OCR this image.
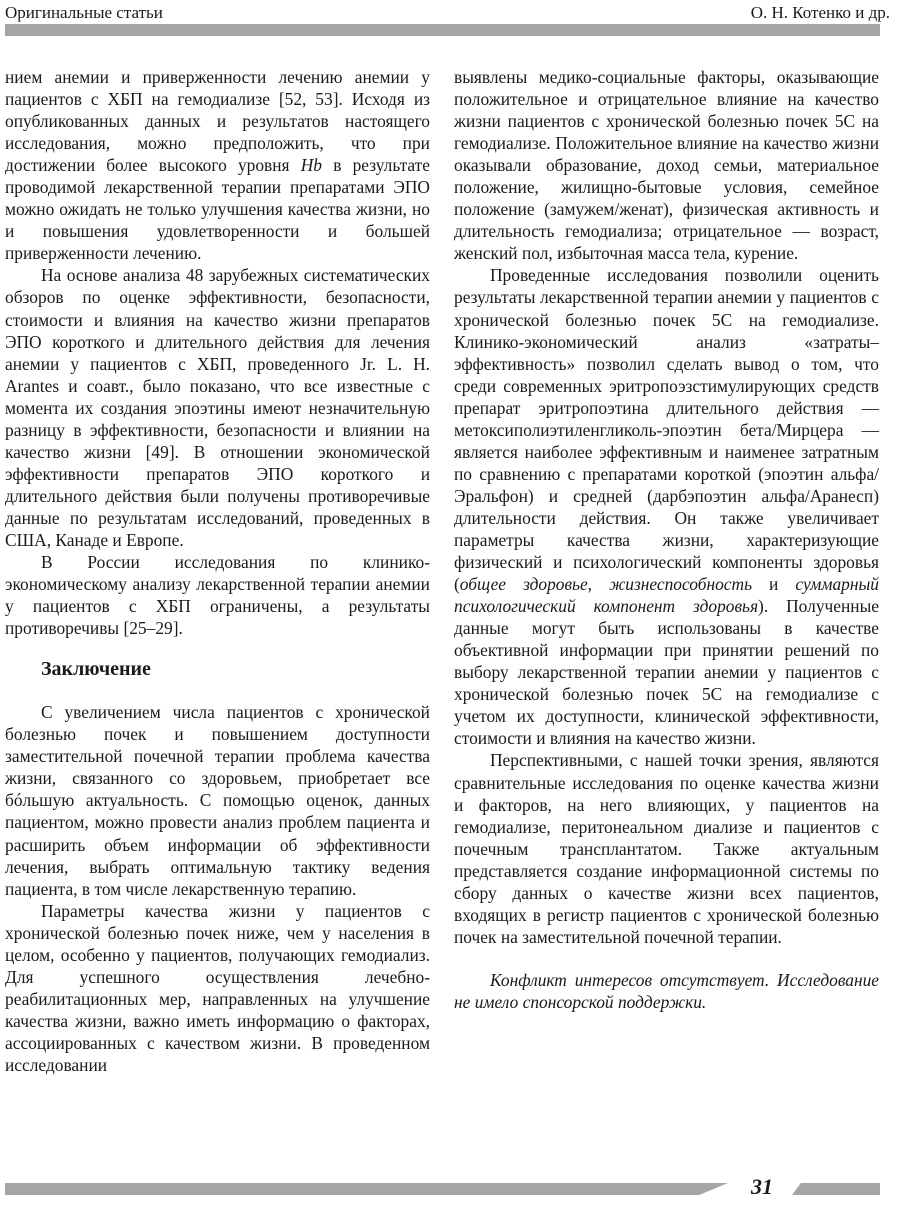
Оригинальные статьи	О. Н. Котенко и др.

нием анемии и приверженности лечению анемии у пациентов с ХБП на гемодиализе [52, 53]. Исходя из опубликованных данных и результатов настоящего исследования, можно предположить, что при достижении более высокого уровня Hb в результате проводимой лекарственной терапии препаратами ЭПО можно ожидать не только улучшения качества жизни, но и повышения удовлетворенности и большей приверженности лечению.

На основе анализа 48 зарубежных систематических обзоров по оценке эффективности, безопасности, стоимости и влияния на качество жизни препаратов ЭПО короткого и длительного действия для лечения анемии у пациентов с ХБП, проведенного Jr. L. H. Arantes и соавт., было показано, что все известные с момента их создания эпоэтины имеют незначительную разницу в эффективности, безопасности и влиянии на качество жизни [49]. В отношении экономической эффективности препаратов ЭПО короткого и длительного действия были получены противоречивые данные по результатам исследований, проведенных в США, Канаде и Европе.

В России исследования по клинико-экономическому анализу лекарственной терапии анемии у пациентов с ХБП ограничены, а результаты противоречивы [25–29].

Заключение

С увеличением числа пациентов с хронической болезнью почек и повышением доступности заместительной почечной терапии проблема качества жизни, связанного со здоровьем, приобретает все бóльшую актуальность. С помощью оценок, данных пациентом, можно провести анализ проблем пациента и расширить объем информации об эффективности лечения, выбрать оптимальную тактику ведения пациента, в том числе лекарственную терапию.

Параметры качества жизни у пациентов с хронической болезнью почек ниже, чем у населения в целом, особенно у пациентов, получающих гемодиализ. Для успешного осуществления лечебно-реабилитационных мер, направленных на улучшение качества жизни, важно иметь информацию о факторах, ассоциированных с качеством жизни. В проведенном исследовании

выявлены медико-социальные факторы, оказывающие положительное и отрицательное влияние на качество жизни пациентов с хронической болезнью почек 5С на гемодиализе. Положительное влияние на качество жизни оказывали образование, доход семьи, материальное положение, жилищно-бытовые условия, семейное положение (замужем/женат), физическая активность и длительность гемодиализа; отрицательное — возраст, женский пол, избыточная масса тела, курение.

Проведенные исследования позволили оценить результаты лекарственной терапии анемии у пациентов с хронической болезнью почек 5С на гемодиализе. Клинико-экономический анализ «затраты–эффективность» позволил сделать вывод о том, что среди современных эритропоэзстимулирующих средств препарат эритропоэтина длительного действия — метоксиполиэтиленгликоль-эпоэтин бета/Мирцера — является наиболее эффективным и наименее затратным по сравнению с препаратами короткой (эпоэтин альфа/Эральфон) и средней (дарбэпоэтин альфа/Аранесп) длительности действия. Он также увеличивает параметры качества жизни, характеризующие физический и психологический компоненты здоровья (общее здоровье, жизнеспособность и суммарный психологический компонент здоровья). Полученные данные могут быть использованы в качестве объективной информации при принятии решений по выбору лекарственной терапии анемии у пациентов с хронической болезнью почек 5С на гемодиализе с учетом их доступности, клинической эффективности, стоимости и влияния на качество жизни.

Перспективными, с нашей точки зрения, являются сравнительные исследования по оценке качества жизни и факторов, на него влияющих, у пациентов на гемодиализе, перитонеальном диализе и пациентов с почечным трансплантатом. Также актуальным представляется создание информационной системы по сбору данных о качестве жизни всех пациентов, входящих в регистр пациентов с хронической болезнью почек на заместительной почечной терапии.

Конфликт интересов отсутствует. Исследование не имело спонсорской поддержки.

31
